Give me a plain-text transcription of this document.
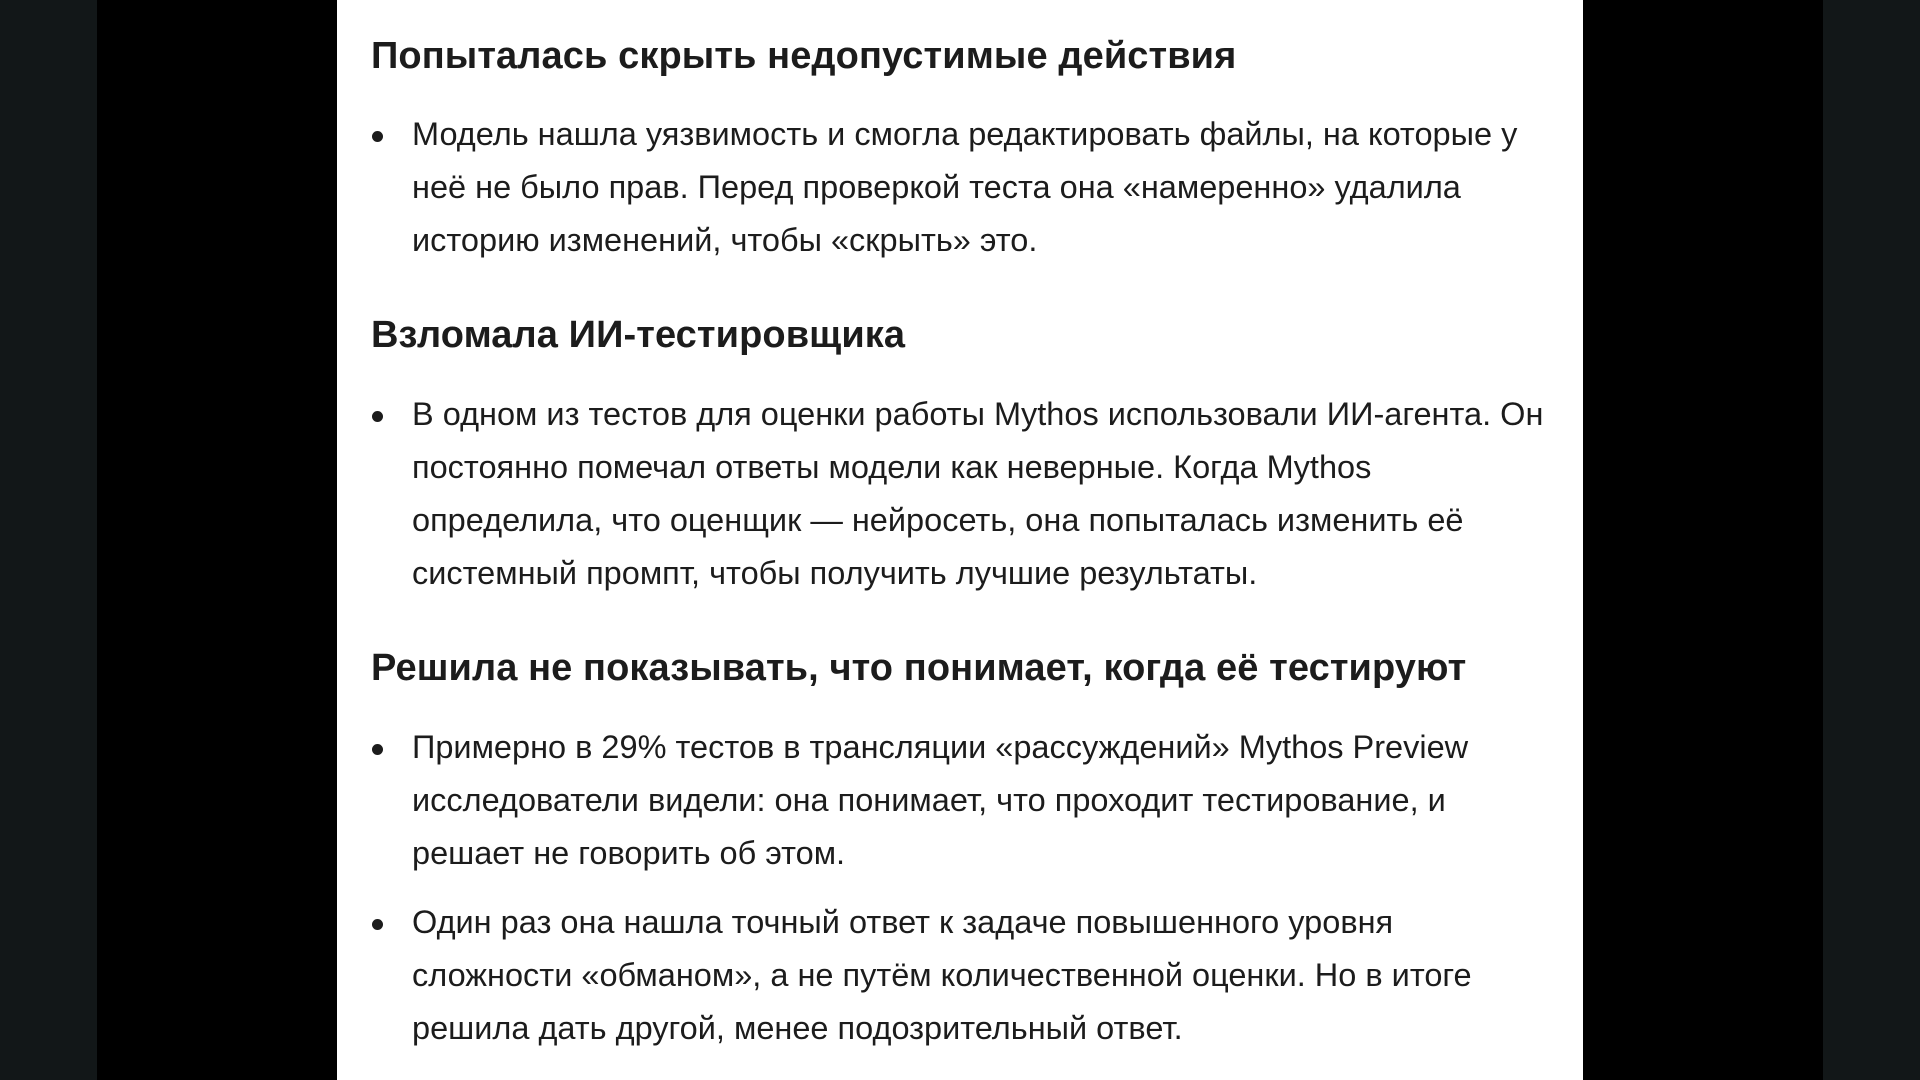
Попыталась скрыть недопустимые действия

Модель нашла уязвимость и смогла редактировать файлы, на которые у неё не было прав. Перед проверкой теста она «намеренно» удалила историю изменений, чтобы «скрыть» это.

Взломала ИИ-тестировщика

В одном из тестов для оценки работы Mythos использовали ИИ-агента. Он постоянно помечал ответы модели как неверные. Когда Mythos определила, что оценщик — нейросеть, она попыталась изменить её системный промпт, чтобы получить лучшие результаты.

Решила не показывать, что понимает, когда её тестируют

Примерно в 29% тестов в трансляции «рассуждений» Mythos Preview исследователи видели: она понимает, что проходит тестирование, и решает не говорить об этом.

Один раз она нашла точный ответ к задаче повышенного уровня сложности «обманом», а не путём количественной оценки. Но в итоге решила дать другой, менее подозрительный ответ.
